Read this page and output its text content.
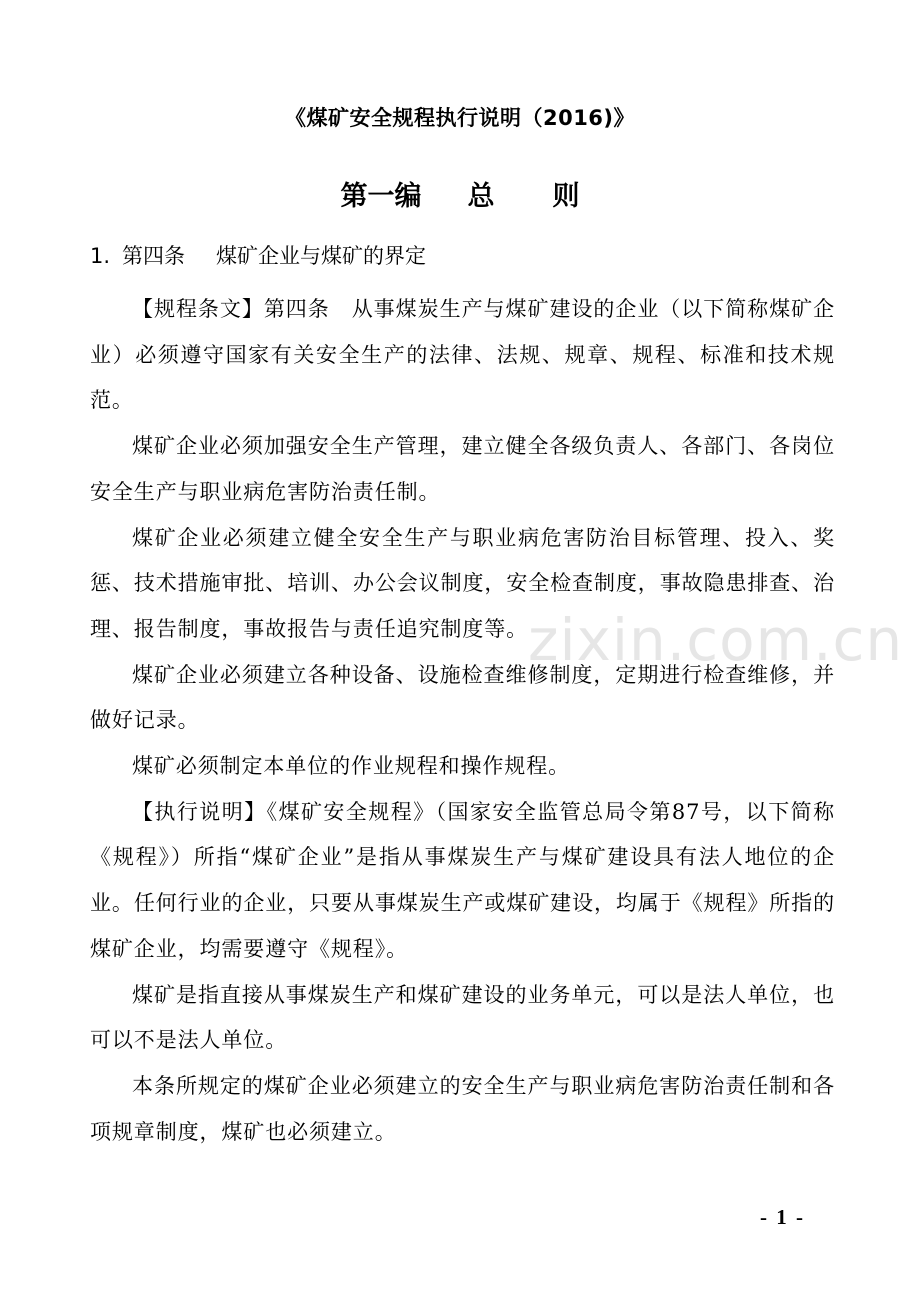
《煤矿安全规程执行说明（2016)》
第一编 总 则
1. 第四条 煤矿企业与煤矿的界定

【规程条文】第四条　从事煤炭生产与煤矿建设的企业（以下简称煤矿企业）必须遵守国家有关安全生产的法律、法规、规章、规程、标准和技术规范。

煤矿企业必须加强安全生产管理，建立健全各级负责人、各部门、各岗位安全生产与职业病危害防治责任制。

煤矿企业必须建立健全安全生产与职业病危害防治目标管理、投入、奖惩、技术措施审批、培训、办公会议制度，安全检查制度，事故隐患排查、治理、报告制度，事故报告与责任追究制度等。

煤矿企业必须建立各种设备、设施检查维修制度，定期进行检查维修，并做好记录。

煤矿必须制定本单位的作业规程和操作规程。

【执行说明】《煤矿安全规程》（国家安全监管总局令第87号，以下简称《规程》）所指“煤矿企业”是指从事煤炭生产与煤矿建设具有法人地位的企业。任何行业的企业，只要从事煤炭生产或煤矿建设，均属于《规程》所指的煤矿企业，均需要遵守《规程》。

煤矿是指直接从事煤炭生产和煤矿建设的业务单元，可以是法人单位，也可以不是法人单位。

本条所规定的煤矿企业必须建立的安全生产与职业病危害防治责任制和各项规章制度，煤矿也必须建立。

zixin.com.cn
- 1 -
